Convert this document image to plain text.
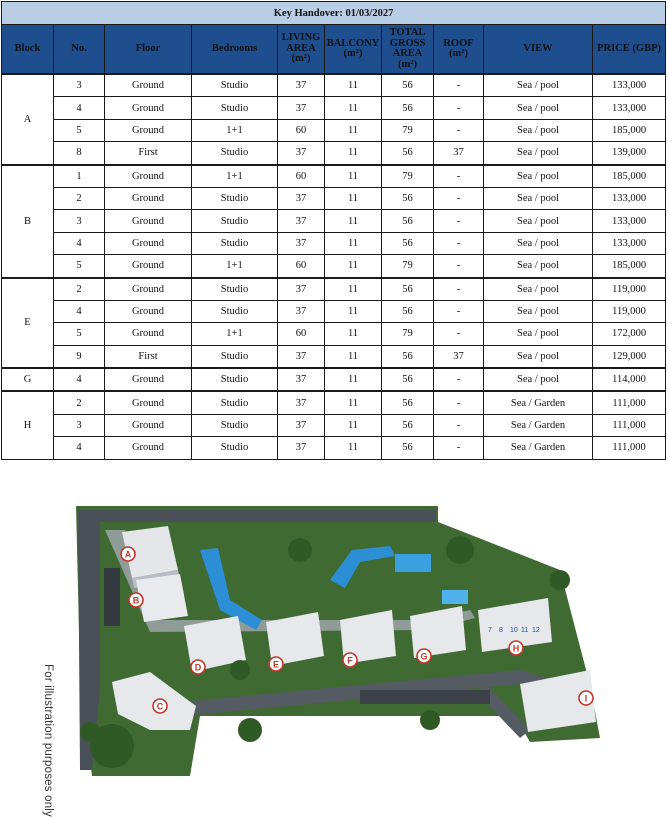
Key Handover: 01/03/2027									
Block	No.	Floor	Bedrooms	LIVING
AREA
(m²)	BALCONY
(m²)	TOTAL
GROSS
AREA
(m²)	ROOF
(m²)	VIEW	PRICE (GBP)
A	3	Ground	Studio	37	11	56	-	Sea / pool	133,000
	4	Ground	Studio	37	11	56	-	Sea / pool	133,000
	5	Ground	1+1	60	11	79	-	Sea / pool	185,000
	8	First	Studio	37	11	56	37	Sea / pool	139,000
B	1	Ground	1+1	60	11	79	-	Sea / pool	185,000
	2	Ground	Studio	37	11	56	-	Sea / pool	133,000
	3	Ground	Studio	37	11	56	-	Sea / pool	133,000
	4	Ground	Studio	37	11	56	-	Sea / pool	133,000
	5	Ground	1+1	60	11	79	-	Sea / pool	185,000
E	2	Ground	Studio	37	11	56	-	Sea / pool	119,000
	4	Ground	Studio	37	11	56	-	Sea / pool	119,000
	5	Ground	1+1	60	11	79	-	Sea / pool	172,000
	9	First	Studio	37	11	56	37	Sea / pool	129,000
G	4	Ground	Studio	37	11	56	-	Sea / pool	114,000
H	2	Ground	Studio	37	11	56	-	Sea / Garden	111,000
	3	Ground	Studio	37	11	56	-	Sea / Garden	111,000
	4	Ground	Studio	37	11	56	-	Sea / Garden	111,000
7 8 10 11 12
A
B
C
D	E	F	G
H
I
For illustration purposes only
